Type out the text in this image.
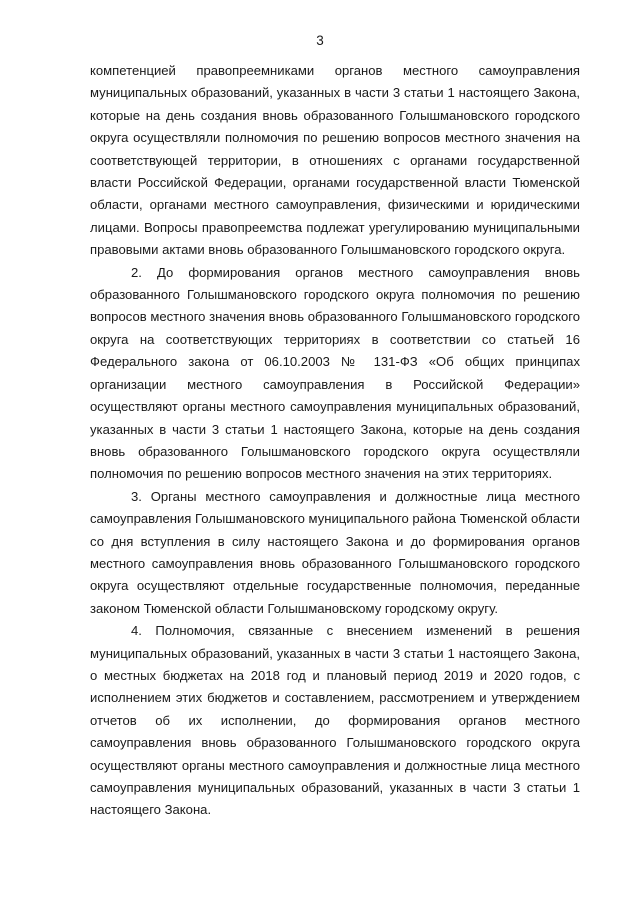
3

компетенцией правопреемниками органов местного самоуправления муниципальных образований, указанных в части 3 статьи 1 настоящего Закона, которые на день создания вновь образованного Голышмановского городского округа осуществляли полномочия по решению вопросов местного значения на соответствующей территории, в отношениях с органами государственной власти Российской Федерации, органами государственной власти Тюменской области, органами местного самоуправления, физическими и юридическими лицами. Вопросы правопреемства подлежат урегулированию муниципальными правовыми актами вновь образованного Голышмановского городского округа.

2. До формирования органов местного самоуправления вновь образованного Голышмановского городского округа полномочия по решению вопросов местного значения вновь образованного Голышмановского городского округа на соответствующих территориях в соответствии со статьей 16 Федерального закона от 06.10.2003 № 131-ФЗ «Об общих принципах организации местного самоуправления в Российской Федерации» осуществляют органы местного самоуправления муниципальных образований, указанных в части 3 статьи 1 настоящего Закона, которые на день создания вновь образованного Голышмановского городского округа осуществляли полномочия по решению вопросов местного значения на этих территориях.

3. Органы местного самоуправления и должностные лица местного самоуправления Голышмановского муниципального района Тюменской области со дня вступления в силу настоящего Закона и до формирования органов местного самоуправления вновь образованного Голышмановского городского округа осуществляют отдельные государственные полномочия, переданные законом Тюменской области Голышмановскому городскому округу.

4. Полномочия, связанные с внесением изменений в решения муниципальных образований, указанных в части 3 статьи 1 настоящего Закона, о местных бюджетах на 2018 год и плановый период 2019 и 2020 годов, с исполнением этих бюджетов и составлением, рассмотрением и утверждением отчетов об их исполнении, до формирования органов местного самоуправления вновь образованного Голышмановского городского округа осуществляют органы местного самоуправления и должностные лица местного самоуправления муниципальных образований, указанных в части 3 статьи 1 настоящего Закона.
